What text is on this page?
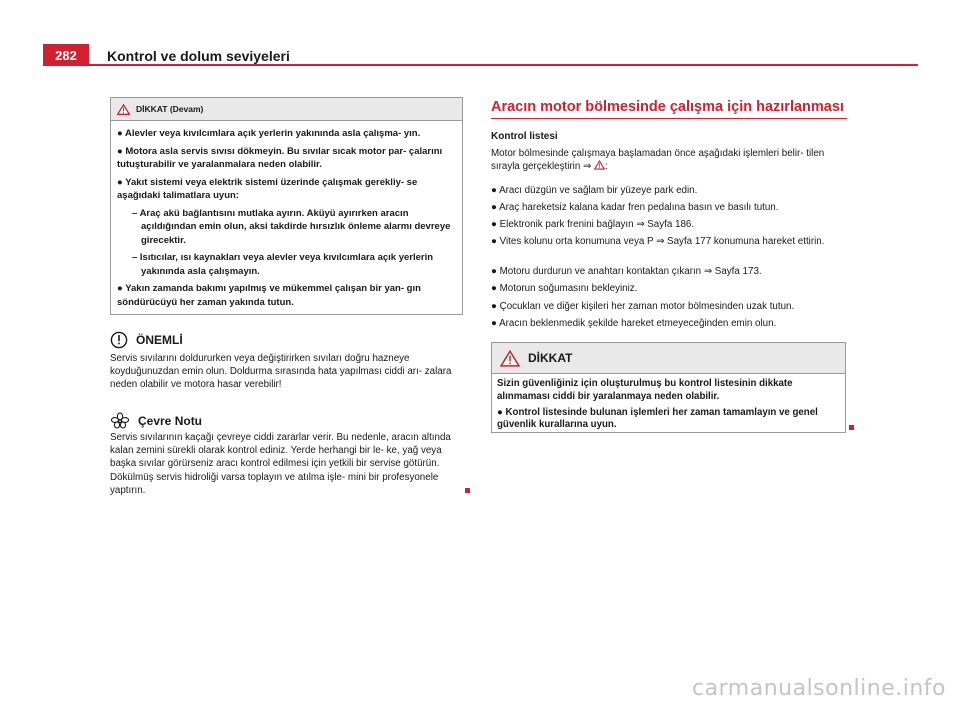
282	Kontrol ve dolum seviyeleri
DİKKAT (Devam)

● Alevler veya kıvılcımlara açık yerlerin yakınında asla çalışma- yın.

● Motora asla servis sıvısı dökmeyin. Bu sıvılar sıcak motor par- çalarını tutuşturabilir ve yaralanmalara neden olabilir.

● Yakıt sistemi veya elektrik sistemi üzerinde çalışmak gerekliy- se aşağıdaki talimatlara uyun:

– Araç akü bağlantısını mutlaka ayırın. Aküyü ayırırken aracın açıldığından emin olun, aksi takdirde hırsızlık önleme alarmı devreye girecektir.

– Isıtıcılar, ısı kaynakları veya alevler veya kıvılcımlara açık yerlerin yakınında asla çalışmayın.

● Yakın zamanda bakımı yapılmış ve mükemmel çalışan bir yan- gın söndürücüyü her zaman yakında tutun.

ÖNEMLİ

Servis sıvılarını doldururken veya değiştirirken sıvıları doğru hazneye koyduğunuzdan emin olun. Doldurma sırasında hata yapılması ciddi arı- zalara neden olabilir ve motora hasar verebilir!

Çevre Notu

Servis sıvılarının kaçağı çevreye ciddi zararlar verir. Bu nedenle, aracın altında kalan zemini sürekli olarak kontrol ediniz. Yerde herhangi bir le- ke, yağ veya başka sıvılar görürseniz aracı kontrol edilmesi için yetkili bir servise götürün. Dökülmüş servis hidroliği varsa toplayın ve atılma işle- mini bir profesyonele yaptırın.

Aracın motor bölmesinde çalışma için hazırlanması
Kontrol listesi
Motor bölmesinde çalışmaya başlamadan önce aşağıdaki işlemleri belir- tilen sırayla gerçekleştirin ⇒ :
● Aracı düzgün ve sağlam bir yüzeye park edin.
● Araç hareketsiz kalana kadar fren pedalına basın ve basılı tutun.
● Elektronik park frenini bağlayın ⇒ Sayfa 186.
● Vites kolunu orta konumuna veya P ⇒ Sayfa 177 konumuna hareket ettirin.
● Motoru durdurun ve anahtarı kontaktan çıkarın ⇒ Sayfa 173.
● Motorun soğumasını bekleyiniz.
● Çocukları ve diğer kişileri her zaman motor bölmesinden uzak tutun.
● Aracın beklenmedik şekilde hareket etmeyeceğinden emin olun.
DİKKAT

Sizin güvenliğiniz için oluşturulmuş bu kontrol listesinin dikkate alınmaması ciddi bir yaralanmaya neden olabilir.

● Kontrol listesinde bulunan işlemleri her zaman tamamlayın ve genel güvenlik kurallarına uyun.

carmanualsonline.info
